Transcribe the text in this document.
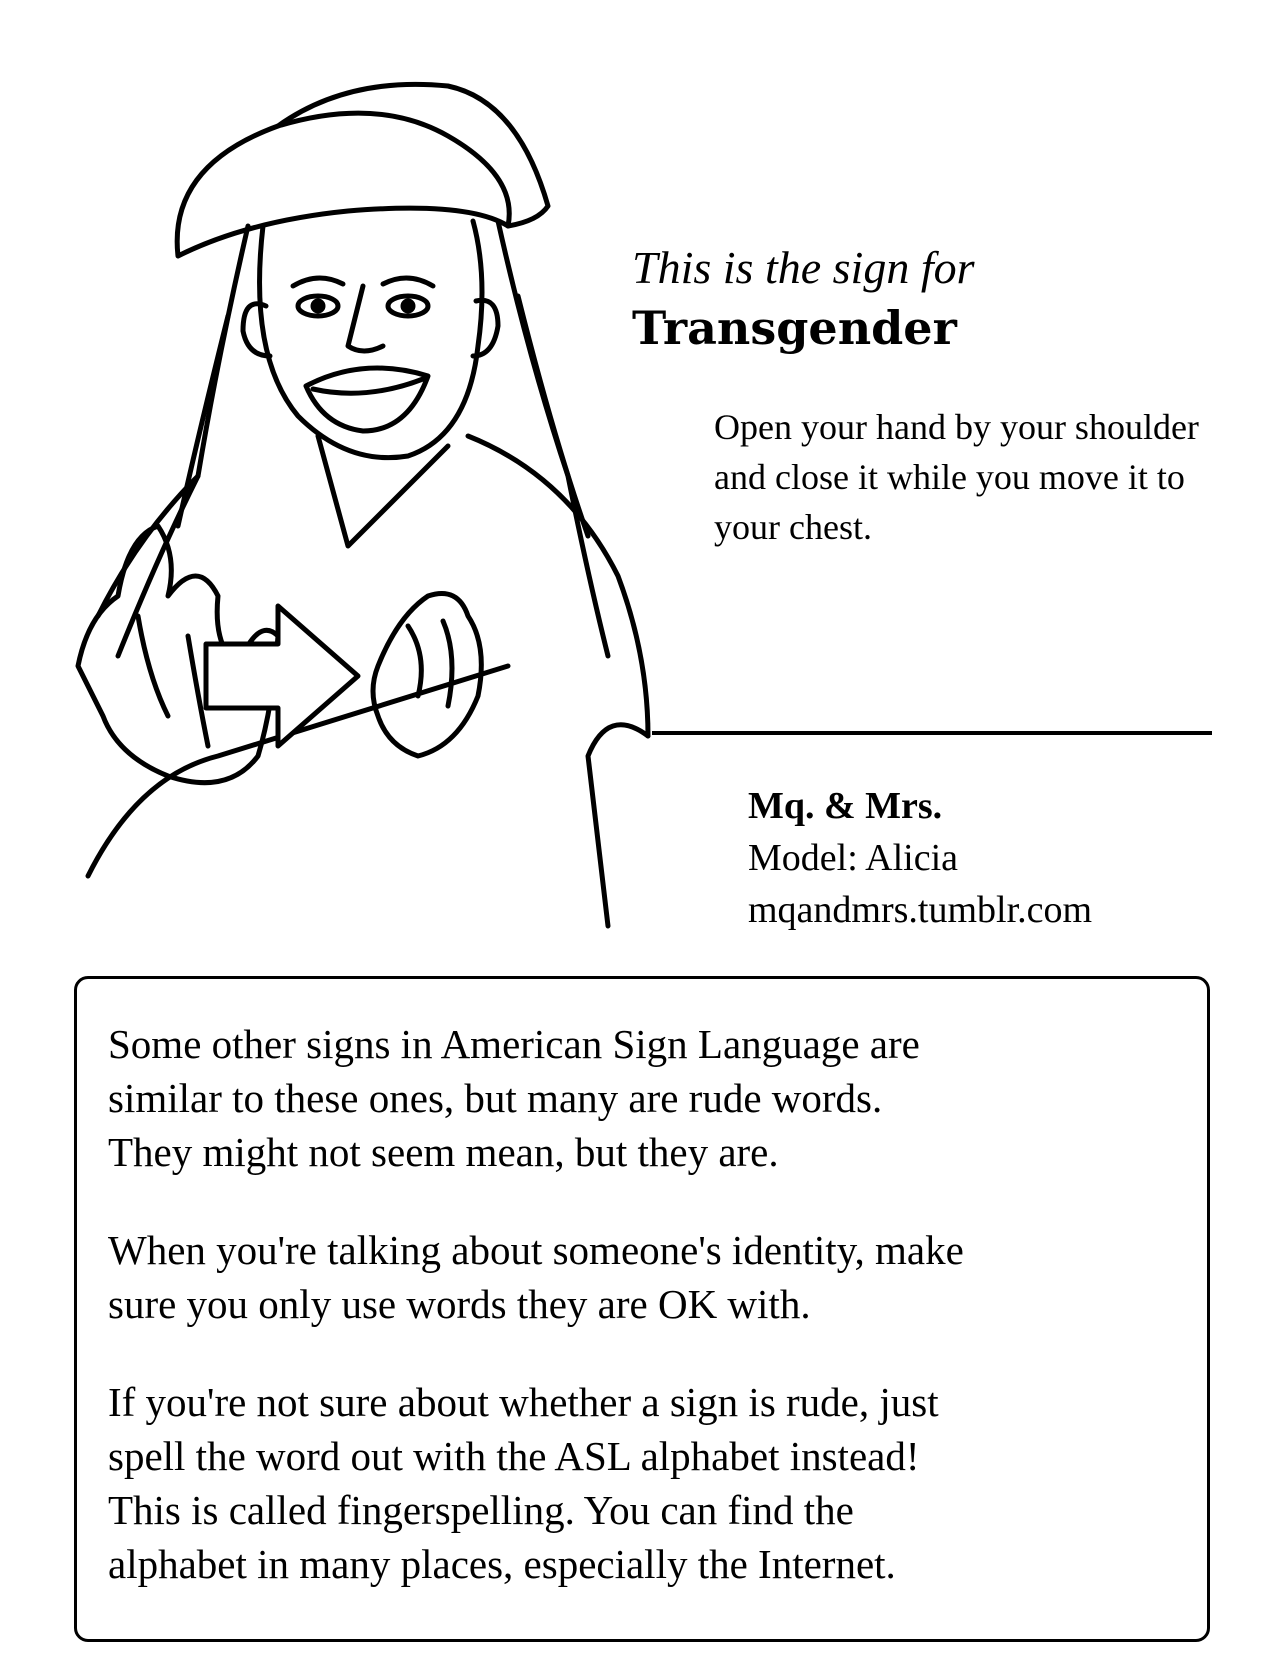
This is the sign for
Transgender
Open your hand by your shoulder and close it while you move it to your chest.
Mq. & Mrs.
Model: Alicia
mqandmrs.tumblr.com

Some other signs in American Sign Language are
similar to these ones, but many are rude words.
They might not seem mean, but they are.

When you're talking about someone's identity, make
sure you only use words they are OK with.

If you're not sure about whether a sign is rude, just
spell the word out with the ASL alphabet instead!
This is called fingerspelling. You can find the
alphabet in many places, especially the Internet.
